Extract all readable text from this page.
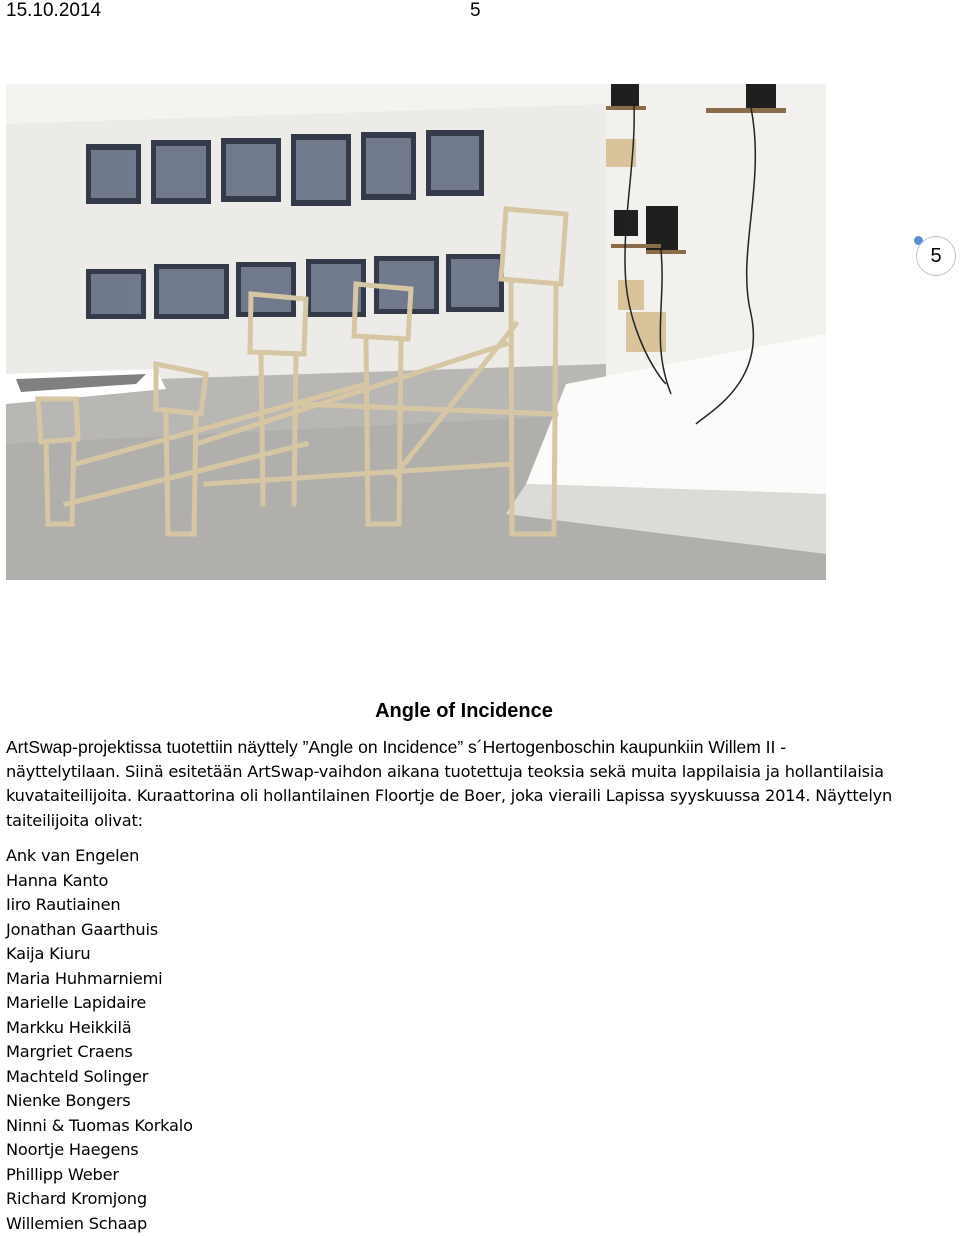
15.10.2014	5
5
Angle of Incidence

ArtSwap-projektissa tuotettiin näyttely ”Angle on Incidence” s´Hertogenboschin kaupunkiin Willem II -

näyttelytilaan. Siinä esitetään ArtSwap-vaihdon aikana tuotettuja teoksia sekä muita lappilaisia ja hollantilaisia kuvataiteilijoita. Kuraattorina oli hollantilainen Floortje de Boer, joka vieraili Lapissa syyskuussa 2014. Näyttelyn taiteilijoita olivat:

Ank van Engelen
Hanna Kanto
Iiro Rautiainen
Jonathan Gaarthuis
Kaija Kiuru
Maria Huhmarniemi
Marielle Lapidaire
Markku Heikkilä
Margriet Craens
Machteld Solinger
Nienke Bongers
Ninni & Tuomas Korkalo
Noortje Haegens
Phillipp Weber
Richard Kromjong
Willemien Schaap
